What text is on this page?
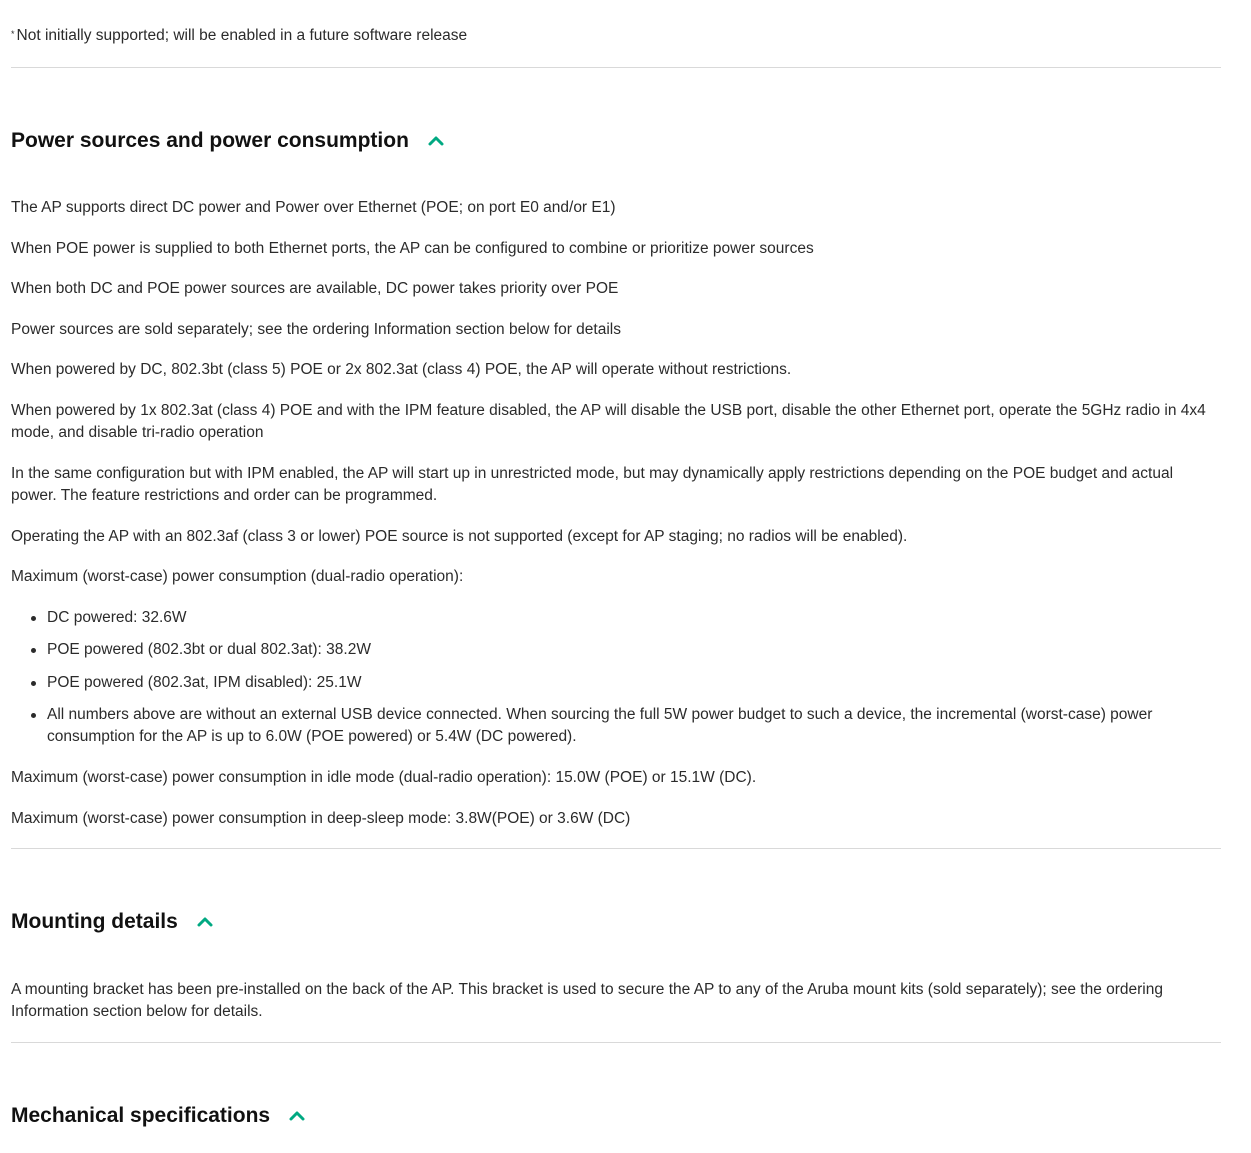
* Not initially supported; will be enabled in a future software release
Power sources and power consumption

The AP supports direct DC power and Power over Ethernet (POE; on port E0 and/or E1)

When POE power is supplied to both Ethernet ports, the AP can be configured to combine or prioritize power sources

When both DC and POE power sources are available, DC power takes priority over POE

Power sources are sold separately; see the ordering Information section below for details

When powered by DC, 802.3bt (class 5) POE or 2x 802.3at (class 4) POE, the AP will operate without restrictions.

When powered by 1x 802.3at (class 4) POE and with the IPM feature disabled, the AP will disable the USB port, disable the other Ethernet port, operate the 5GHz radio in 4x4 mode, and disable tri-radio operation

In the same configuration but with IPM enabled, the AP will start up in unrestricted mode, but may dynamically apply restrictions depending on the POE budget and actual power. The feature restrictions and order can be programmed.

Operating the AP with an 802.3af (class 3 or lower) POE source is not supported (except for AP staging; no radios will be enabled).

Maximum (worst-case) power consumption (dual-radio operation):

DC powered: 32.6W
POE powered (802.3bt or dual 802.3at): 38.2W
POE powered (802.3at, IPM disabled): 25.1W
All numbers above are without an external USB device connected. When sourcing the full 5W power budget to such a device, the incremental (worst-case) power consumption for the AP is up to 6.0W (POE powered) or 5.4W (DC powered).

Maximum (worst-case) power consumption in idle mode (dual-radio operation): 15.0W (POE) or 15.1W (DC).

Maximum (worst-case) power consumption in deep-sleep mode: 3.8W(POE) or 3.6W (DC)

Mounting details

A mounting bracket has been pre-installed on the back of the AP. This bracket is used to secure the AP to any of the Aruba mount kits (sold separately); see the ordering Information section below for details.

Mechanical specifications
